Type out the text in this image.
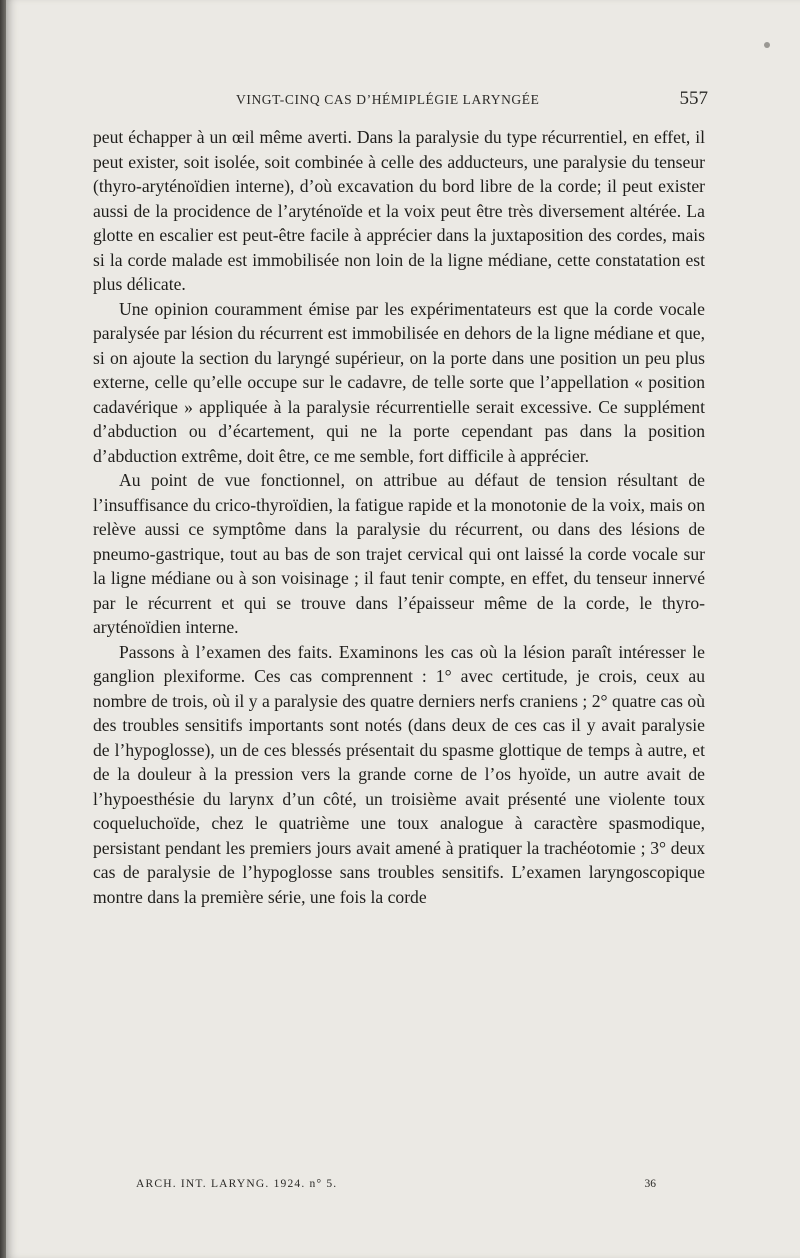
VINGT-CINQ CAS D’HÉMIPLÉGIE LARYNGÉE	557

peut échapper à un œil même averti. Dans la paralysie du type récurrentiel, en effet, il peut exister, soit isolée, soit combinée à celle des adducteurs, une paralysie du tenseur (thyro-aryténoïdien interne), d’où excavation du bord libre de la corde; il peut exister aussi de la procidence de l’aryténoïde et la voix peut être très diversement altérée. La glotte en escalier est peut-être facile à apprécier dans la juxtaposition des cordes, mais si la corde malade est immobilisée non loin de la ligne médiane, cette constatation est plus délicate.

Une opinion couramment émise par les expérimentateurs est que la corde vocale paralysée par lésion du récurrent est immobilisée en dehors de la ligne médiane et que, si on ajoute la section du laryngé supérieur, on la porte dans une position un peu plus externe, celle qu’elle occupe sur le cadavre, de telle sorte que l’appellation « position cadavérique » appliquée à la paralysie récurrentielle serait excessive. Ce supplément d’abduction ou d’écartement, qui ne la porte cependant pas dans la position d’abduction extrême, doit être, ce me semble, fort difficile à apprécier.

Au point de vue fonctionnel, on attribue au défaut de tension résultant de l’insuffisance du crico-thyroïdien, la fatigue rapide et la monotonie de la voix, mais on relève aussi ce symptôme dans la paralysie du récurrent, ou dans des lésions de pneumo-gastrique, tout au bas de son trajet cervical qui ont laissé la corde vocale sur la ligne médiane ou à son voisinage ; il faut tenir compte, en effet, du tenseur innervé par le récurrent et qui se trouve dans l’épaisseur même de la corde, le thyro-aryténoïdien interne.

Passons à l’examen des faits. Examinons les cas où la lésion paraît intéresser le ganglion plexiforme. Ces cas comprennent : 1° avec certitude, je crois, ceux au nombre de trois, où il y a paralysie des quatre derniers nerfs craniens ; 2° quatre cas où des troubles sensitifs importants sont notés (dans deux de ces cas il y avait paralysie de l’hypoglosse), un de ces blessés présentait du spasme glottique de temps à autre, et de la douleur à la pression vers la grande corne de l’os hyoïde, un autre avait de l’hypoesthésie du larynx d’un côté, un troisième avait présenté une violente toux coqueluchoïde, chez le quatrième une toux analogue à caractère spasmodique, persistant pendant les premiers jours avait amené à pratiquer la trachéotomie ; 3° deux cas de paralysie de l’hypoglosse sans troubles sensitifs. L’examen laryngoscopique montre dans la première série, une fois la corde

ARCH. INT. LARYNG. 1924. n° 5.	36
